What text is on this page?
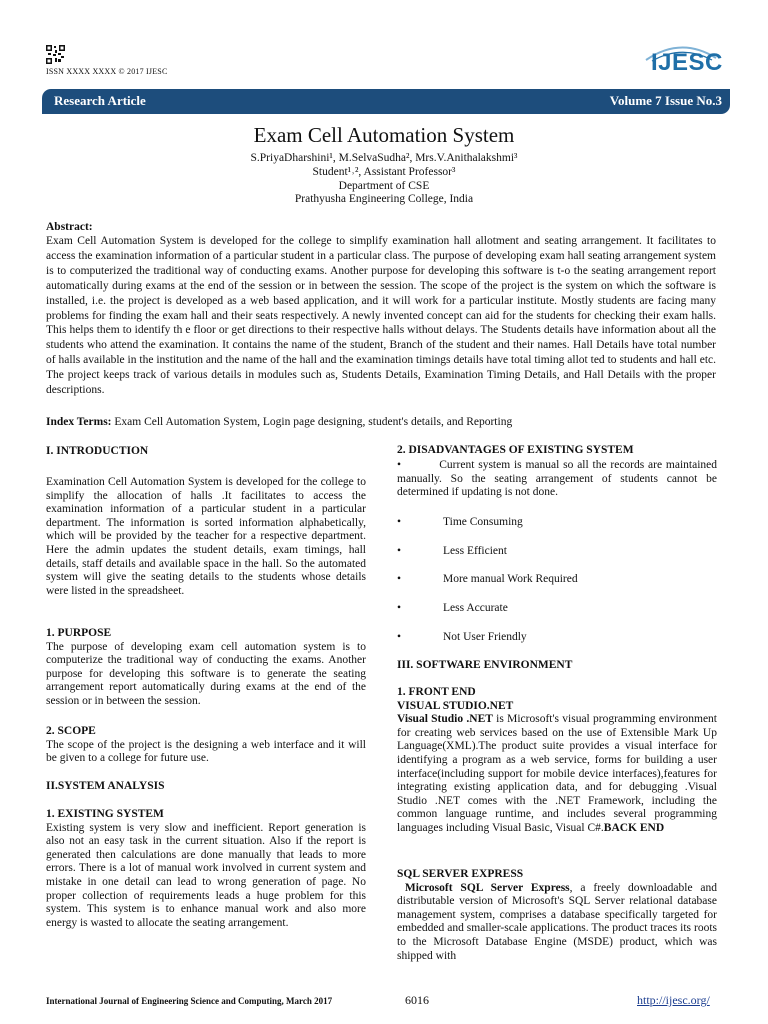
ISSN XXXX XXXX © 2017 IJESC	IJESC
Research Article	Volume 7 Issue No.3
Exam Cell Automation System
S.PriyaDharshini¹, M.SelvaSudha², Mrs.V.Anithalakshmi³
Student¹˒², Assistant Professor³
Department of CSE
Prathyusha Engineering College, India
Abstract:

Exam Cell Automation System is developed for the college to simplify examination hall allotment and seating arrangement. It facilitates to access the examination information of a particular student in a particular class. The purpose of developing exam hall seating arrangement system is to computerized the traditional way of conducting exams. Another purpose for developing this software is t-o the seating arrangement report automatically during exams at the end of the session or in between the session. The scope of the project is the system on which the software is installed, i.e. the project is developed as a web based application, and it will work for a particular institute. Mostly students are facing many problems for finding the exam hall and their seats respectively. A newly invented concept can aid for the students for checking their exam halls. This helps them to identify th e floor or get directions to their respective halls without delays. The Students details have information about all the students who attend the examination. It contains the name of the student, Branch of the student and their names. Hall Details have total number of halls available in the institution and the name of the hall and the examination timings details have total timing allot ted to students and hall etc. The project keeps track of various details in modules such as, Students Details, Examination Timing Details, and Hall Details with the proper descriptions.

Index Terms: Exam Cell Automation System, Login page designing, student's details, and Reporting
I. INTRODUCTION

Examination Cell Automation System is developed for the college to simplify the allocation of halls .It facilitates to access the examination information of a particular student in a particular department. The information is sorted information alphabetically, which will be provided by the teacher for a respective department. Here the admin updates the student details, exam timings, hall details, staff details and available space in the hall. So the automated system will give the seating details to the students whose details were listed in the spreadsheet.

1. PURPOSE

The purpose of developing exam cell automation system is to computerize the traditional way of conducting the exams. Another purpose for developing this software is to generate the seating arrangement report automatically during exams at the end of the session or in between the session.

2. SCOPE

The scope of the project is the designing a web interface and it will be given to a college for future use.

II.SYSTEM ANALYSIS
1. EXISTING SYSTEM

Existing system is very slow and inefficient. Report generation is also not an easy task in the current situation. Also if the report is generated then calculations are done manually that leads to more errors. There is a lot of manual work involved in current system and mistake in one detail can lead to wrong generation of page. No proper collection of requirements leads a huge problem for this system. This system is to enhance manual work and also more energy is wasted to allocate the seating arrangement.

2. DISADVANTAGES OF EXISTING SYSTEM

•	Current system is manual so all the records are maintained manually. So the seating arrangement of students cannot be determined if updating is not done.

•	Time Consuming
•	Less Efficient
•	More manual Work Required
•	Less Accurate
•	Not User Friendly
III. SOFTWARE ENVIRONMENT
1. FRONT END
VISUAL STUDIO.NET

Visual Studio .NET is Microsoft's visual programming environment for creating web services based on the use of Extensible Mark Up Language(XML).The product suite provides a visual interface for identifying a program as a web service, forms for building a user interface(including support for mobile device interfaces),features for integrating existing application data, and for debugging .Visual Studio .NET comes with the .NET Framework, including the common language runtime, and includes several programming languages including Visual Basic, Visual C#.BACK END

SQL SERVER EXPRESS

Microsoft SQL Server Express, a freely downloadable and distributable version of Microsoft's SQL Server relational database management system, comprises a database specifically targeted for embedded and smaller-scale applications. The product traces its roots to the Microsoft Database Engine (MSDE) product, which was shipped with

International Journal of Engineering Science and Computing, March 2017	6016	http://ijesc.org/
